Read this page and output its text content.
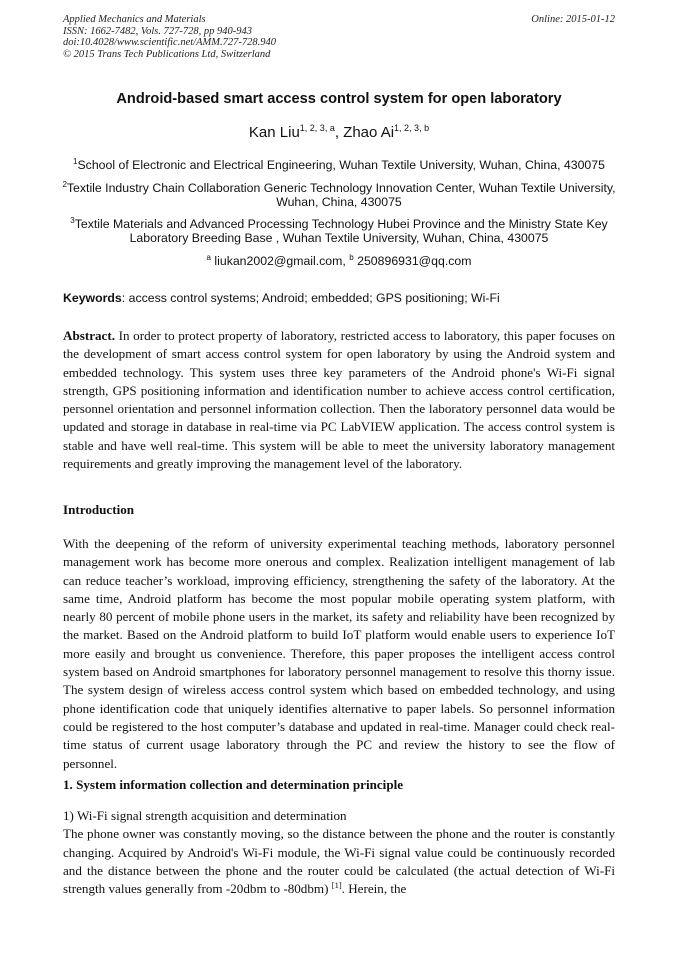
Applied Mechanics and Materials
ISSN: 1662-7482, Vols. 727-728, pp 940-943
doi:10.4028/www.scientific.net/AMM.727-728.940
© 2015 Trans Tech Publications Ltd, Switzerland
Online: 2015-01-12
Android-based smart access control system for open laboratory
Kan Liu$^{1, 2, 3, a}$, Zhao Ai$^{1, 2, 3, b}$
$^1$School of Electronic and Electrical Engineering, Wuhan Textile University, Wuhan, China, 430075
$^2$Textile Industry Chain Collaboration Generic Technology Innovation Center, Wuhan Textile University, Wuhan, China, 430075
$^3$Textile Materials and Advanced Processing Technology Hubei Province and the Ministry State Key Laboratory Breeding Base , Wuhan Textile University, Wuhan, China, 430075
$^a$ liukan2002@gmail.com, $^b$ 250896931@qq.com
Keywords: access control systems; Android; embedded; GPS positioning; Wi-Fi
Abstract. In order to protect property of laboratory, restricted access to laboratory, this paper focuses on the development of smart access control system for open laboratory by using the Android system and embedded technology. This system uses three key parameters of the Android phone's Wi-Fi signal strength, GPS positioning information and identification number to achieve access control certification, personnel orientation and personnel information collection. Then the laboratory personnel data would be updated and storage in database in real-time via PC LabVIEW application. The access control system is stable and have well real-time. This system will be able to meet the university laboratory management requirements and greatly improving the management level of the laboratory.
Introduction
With the deepening of the reform of university experimental teaching methods, laboratory personnel management work has become more onerous and complex. Realization intelligent management of lab can reduce teacher’s workload, improving efficiency, strengthening the safety of the laboratory. At the same time, Android platform has become the most popular mobile operating system platform, with nearly 80 percent of mobile phone users in the market, its safety and reliability have been recognized by the market. Based on the Android platform to build IoT platform would enable users to experience IoT more easily and brought us convenience. Therefore, this paper proposes the intelligent access control system based on Android smartphones for laboratory personnel management to resolve this thorny issue. The system design of wireless access control system which based on embedded technology, and using phone identification code that uniquely identifies alternative to paper labels. So personnel information could be registered to the host computer’s database and updated in real-time. Manager could check real-time status of current usage laboratory through the PC and review the history to see the flow of personnel.
1. System information collection and determination principle
1) Wi-Fi signal strength acquisition and determination
The phone owner was constantly moving, so the distance between the phone and the router is constantly changing. Acquired by Android's Wi-Fi module, the Wi-Fi signal value could be continuously recorded and the distance between the phone and the router could be calculated (the actual detection of Wi-Fi strength values generally from -20dbm to -80dbm) [1]. Herein, the
